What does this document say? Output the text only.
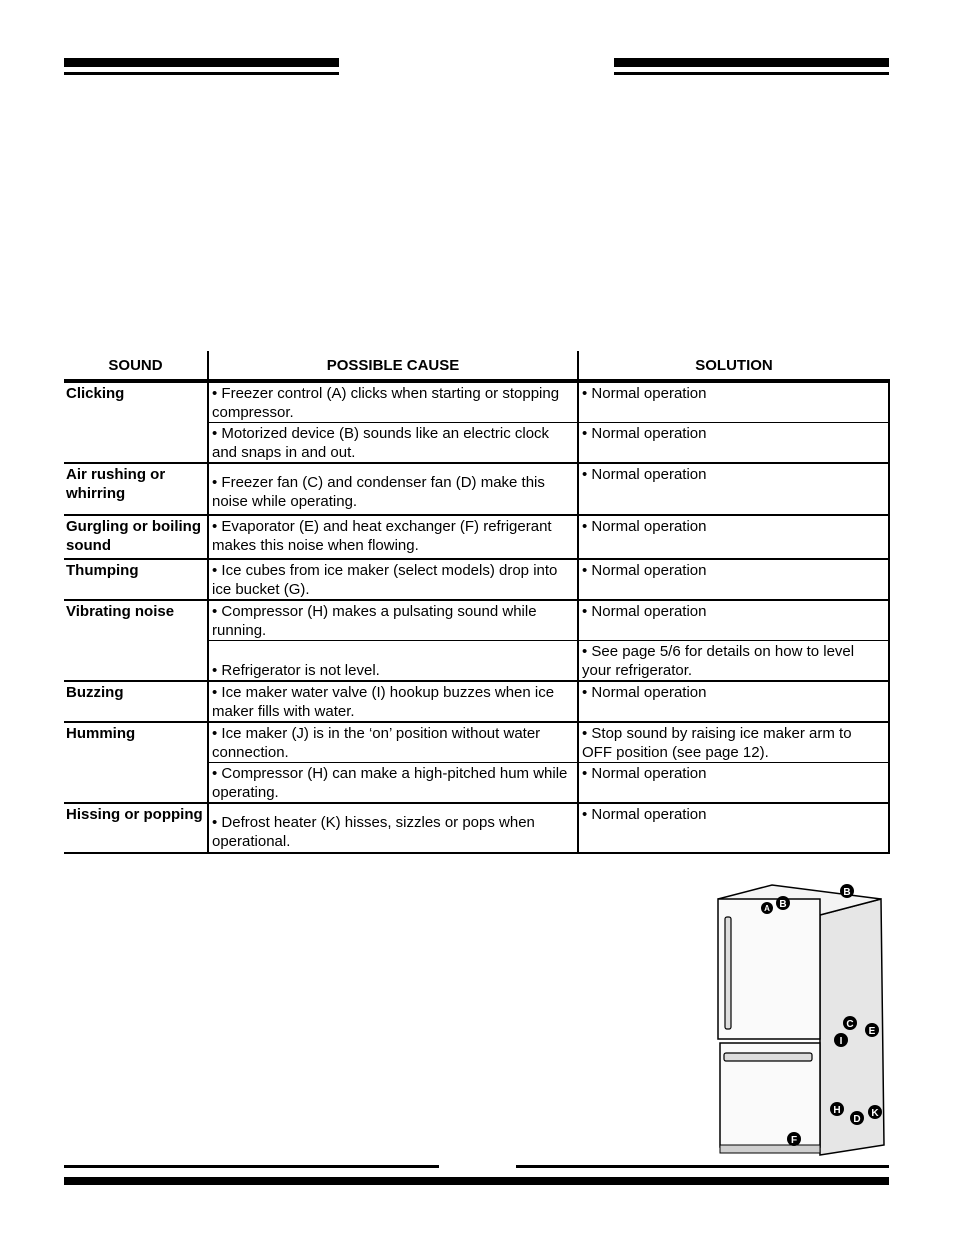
SOUND	POSSIBLE CAUSE	SOLUTION
Clicking	• Freezer control (A) clicks when starting or stopping compressor.	• Normal operation
	• Motorized device (B) sounds like an electric clock and snaps in and out.	• Normal operation
Air rushing or whirring	• Freezer fan (C) and condenser fan (D) make this noise while operating.	• Normal operation
Gurgling or boiling sound	• Evaporator (E) and heat exchanger (F) refrigerant makes this noise when flowing.	• Normal operation
Thumping	• Ice cubes from ice maker (select models) drop into ice bucket (G).	• Normal operation
Vibrating noise	• Compressor (H) makes a pulsating sound while running.	• Normal operation
	• Refrigerator is not level.	• See page 5/6 for details on how to level your refrigerator.
Buzzing	• Ice maker water valve (I) hookup buzzes when ice maker fills with water.	• Normal operation
Humming	• Ice maker (J) is in the ‘on’ position without water connection.	• Stop sound by raising ice maker arm to OFF position (see page 12).
	• Compressor (H) can make a high-pitched hum while operating.	• Normal operation
Hissing or popping	• Defrost heater (K) hisses, sizzles or pops when operational.	• Normal operation
A B
B
C
E
I
H
D
K
F
